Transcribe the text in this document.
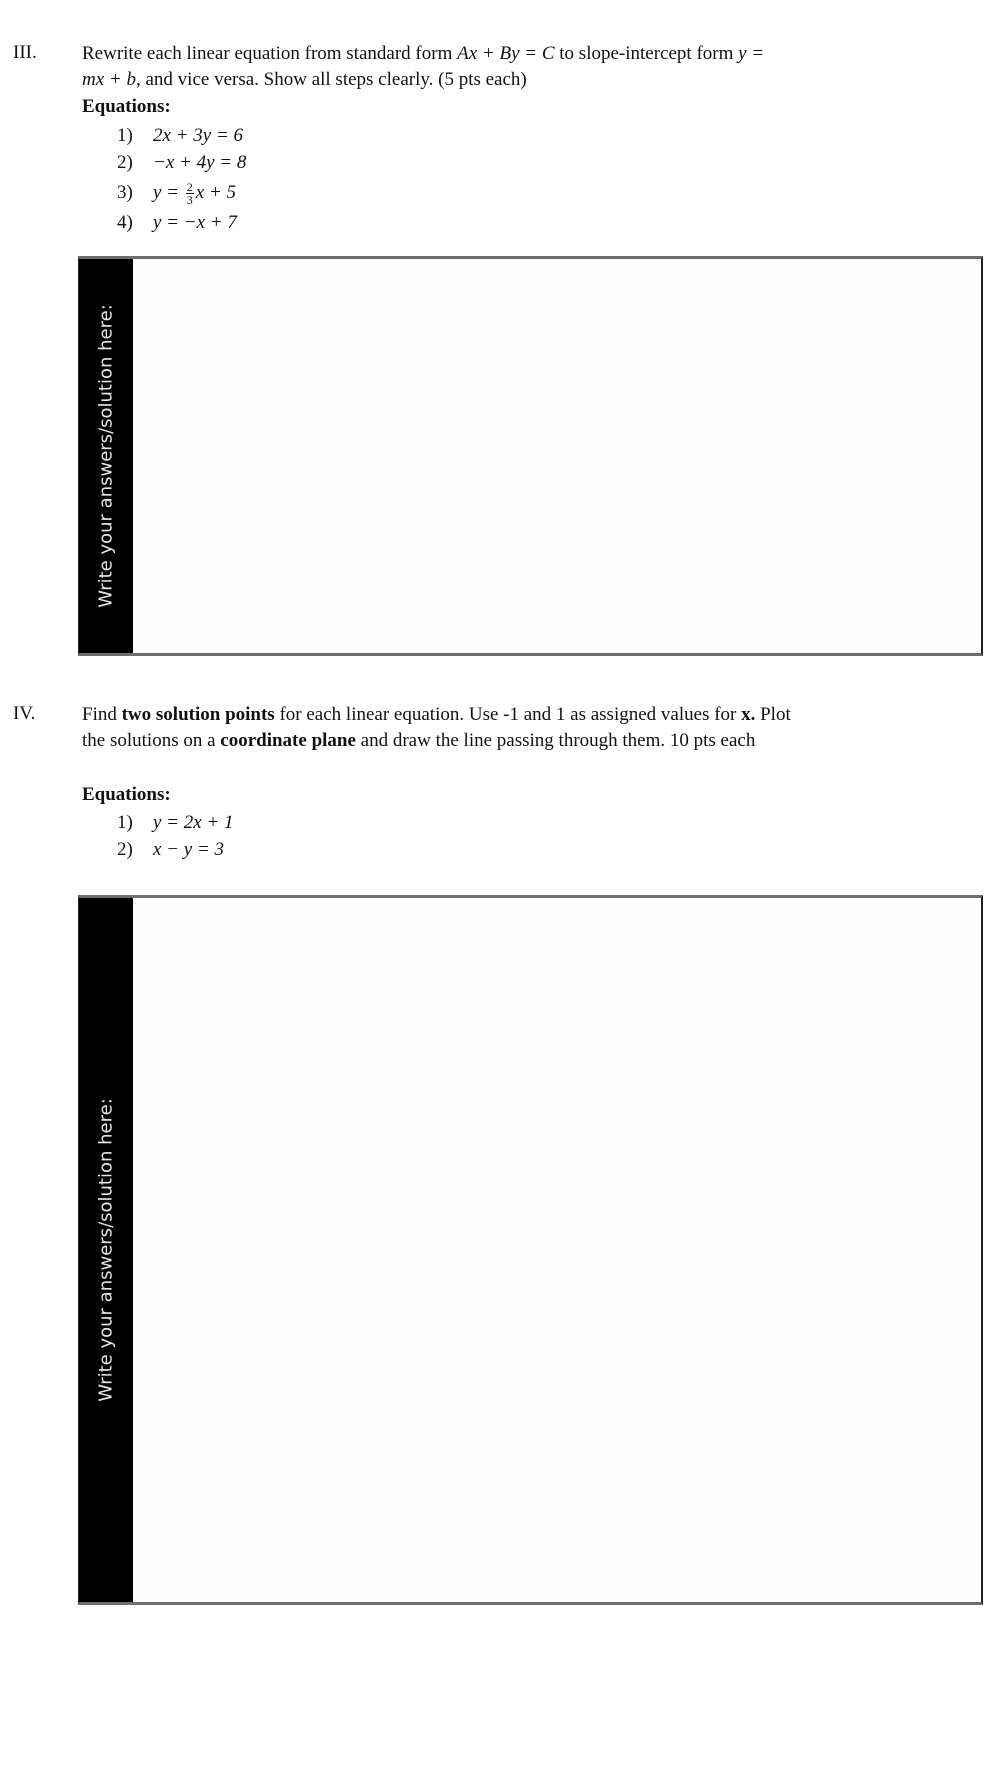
III. Rewrite each linear equation from standard form Ax + By = C to slope-intercept form y =
mx + b, and vice versa. Show all steps clearly. (5 pts each)
Equations:
1) 2x + 3y = 6
2) −x + 4y = 8
3) $y = \frac{2}{3}$ x + 5
4) y = −x + 7
Write your answers/solution here:
IV. Find two solution points for each linear equation. Use -1 and 1 as assigned values for x. Plot
the solutions on a coordinate plane and draw the line passing through them. 10 pts each
Equations:
1) y = 2x + 1
2) x − y = 3
Write your answers/solution here:
